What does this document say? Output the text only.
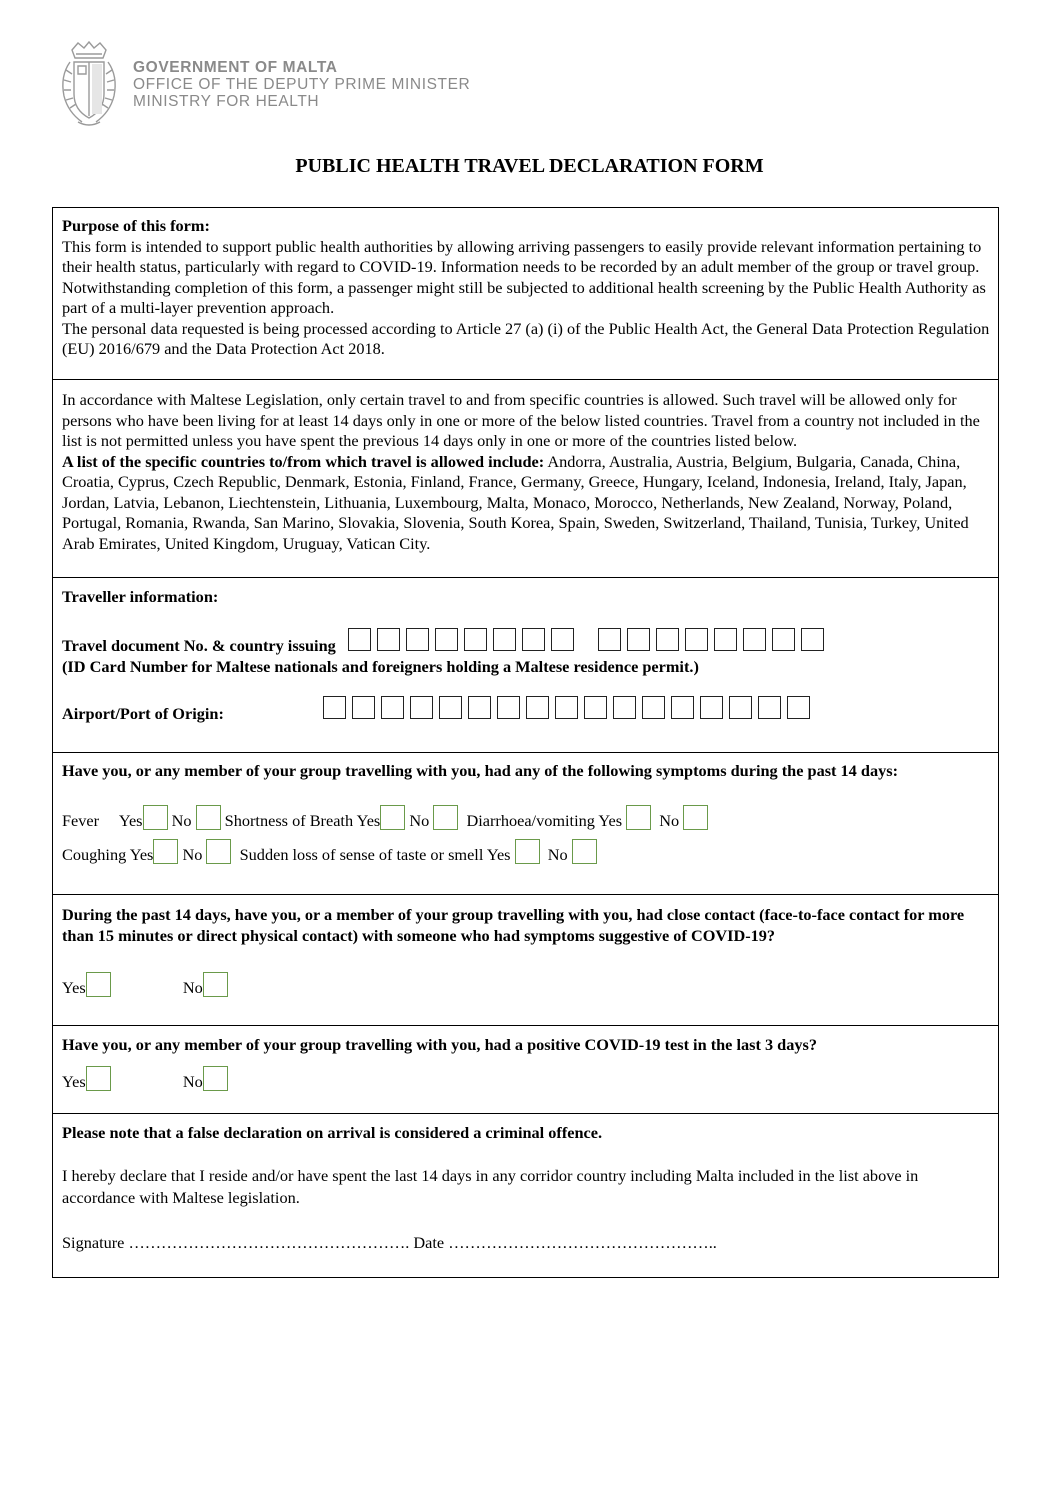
GOVERNMENT OF MALTA
OFFICE OF THE DEPUTY PRIME MINISTER
MINISTRY FOR HEALTH
PUBLIC HEALTH TRAVEL DECLARATION FORM

Purpose of this form:

This form is intended to support public health authorities by allowing arriving passengers to easily provide relevant information pertaining to their health status, particularly with regard to COVID-19. Information needs to be recorded by an adult member of the group or travel group.

Notwithstanding completion of this form, a passenger might still be subjected to additional health screening by the Public Health Authority as part of a multi-layer prevention approach.

The personal data requested is being processed according to Article 27 (a) (i) of the Public Health Act, the General Data Protection Regulation (EU) 2016/679 and the Data Protection Act 2018.

In accordance with Maltese Legislation, only certain travel to and from specific countries is allowed. Such travel will be allowed only for persons who have been living for at least 14 days only in one or more of the below listed countries. Travel from a country not included in the list is not permitted unless you have spent the previous 14 days only in one or more of the countries listed below.

A list of the specific countries to/from which travel is allowed include: Andorra, Australia, Austria, Belgium, Bulgaria, Canada, China, Croatia, Cyprus, Czech Republic, Denmark, Estonia, Finland, France, Germany, Greece, Hungary, Iceland, Indonesia, Ireland, Italy, Japan, Jordan, Latvia, Lebanon, Liechtenstein, Lithuania, Luxembourg, Malta, Monaco, Morocco, Netherlands, New Zealand, Norway, Poland, Portugal, Romania, Rwanda, San Marino, Slovakia, Slovenia, South Korea, Spain, Sweden, Switzerland, Thailand, Tunisia, Turkey, United Arab Emirates, United Kingdom, Uruguay, Vatican City.

Traveller information:
Travel document No. & country issuing

(ID Card Number for Maltese nationals and foreigners holding a Maltese residence permit.)
Airport/Port of Origin:
Have you, or any member of your group travelling with you, had any of the following symptoms during the past 14 days:
Fever Yes No Shortness of Breath Yes No Diarrhoea/vomiting Yes No
Coughing Yes No Sudden loss of sense of taste or smell Yes No
During the past 14 days, have you, or a member of your group travelling with you, had close contact (face-to-face contact for more than 15 minutes or direct physical contact) with someone who had symptoms suggestive of COVID-19?
Yes	No
Have you, or any member of your group travelling with you, had a positive COVID-19 test in the last 3 days?
Yes	No
Please note that a false declaration on arrival is considered a criminal offence.
I hereby declare that I reside and/or have spent the last 14 days in any corridor country including Malta included in the list above in accordance with Maltese legislation.
Signature ……………………………………………. Date …………………………………………..
